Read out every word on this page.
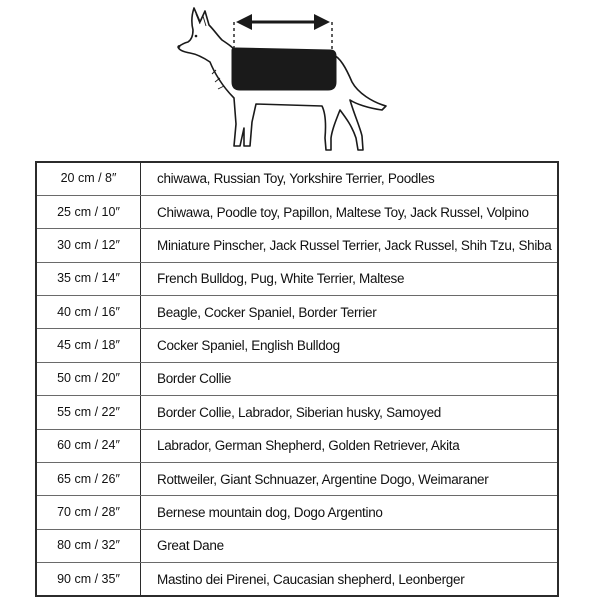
20 cm / 8″	chiwawa, Russian Toy, Yorkshire Terrier, Poodles
25 cm / 10″	Chiwawa, Poodle toy, Papillon, Maltese Toy, Jack Russel, Volpino
30 cm / 12″	Miniature Pinscher, Jack Russel Terrier, Jack Russel, Shih Tzu, Shiba
35 cm / 14″	French Bulldog, Pug, White Terrier, Maltese
40 cm / 16″	Beagle, Cocker Spaniel, Border Terrier
45 cm / 18″	Cocker Spaniel, English Bulldog
50 cm / 20″	Border Collie
55 cm / 22″	Border Collie, Labrador, Siberian husky, Samoyed
60 cm / 24″	Labrador, German Shepherd, Golden Retriever, Akita
65 cm / 26″	Rottweiler, Giant Schnuazer, Argentine Dogo, Weimaraner
70 cm / 28″	Bernese mountain dog, Dogo Argentino
80 cm / 32″	Great Dane
90 cm / 35″	Mastino dei Pirenei, Caucasian shepherd, Leonberger
